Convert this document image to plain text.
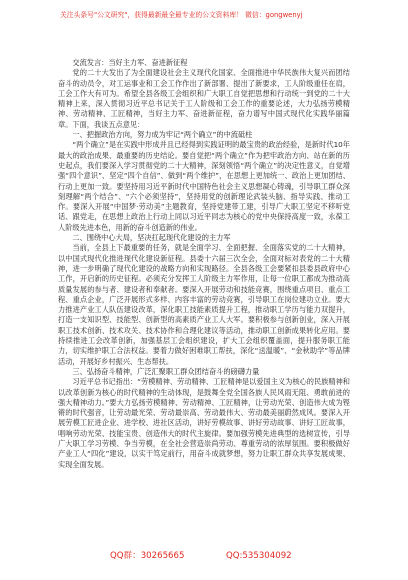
关注头条号"公文研究"，获得最新最全最专业的公文资料库！ 微信：gongwenyj

交流发言：当好主力军、奋进新征程

党的二十大发出了为全面建设社会主义现代化国家、全面推进中华民族伟大复兴而团结奋斗的动员令，对工运事业和工会工作作出了新部署、提出了新要求，工人阶级重任在肩，工会工作大有可为。希望全县各级工会组织和广大职工自觉把思想和行动统一到党的二十大精神上来，深入贯彻习近平总书记关于工人阶级和工会工作的重要论述，大力弘扬劳模精神、劳动精神、工匠精神，当好主力军、奋进新征程，奋力谱写中国式现代化实践华丽篇章。下面，我谈五点意见：

一、把握政治方向，努力成为牢记“两个确立”的中流砥柱

“两个确立”是在实践中形成并且已经得到实践证明的最宝贵的政治经验，是新时代10年最大的政治成果、最重要的历史结论。要自觉把“两个确立”作为把牢政治方向、站在新的历史起点，我们要深入学习贯彻党的二十大精神，深刻领悟“两个确立”的决定性意义，自觉增强“四个意识”、坚定“四个自信”、做到“两个维护”，在思想上更加统一、政治上更加团结、行动上更加一致。要坚持用习近平新时代中国特色社会主义思想凝心铸魂，引导职工群众深刻理解“两个结合”、“六个必须坚持”，坚持用党的创新理论武装头脑、指导实践、推动工作。要深入开展“中国梦·劳动美”主题教育，坚持党建带工建，引导广大职工坚定不移听党话、跟党走，在思想上政治上行动上同以习近平同志为核心的党中央保持高度一致，永葆工人阶级先进本色，用新的奋斗创造新的伟业。

二、围绕中心大局，坚决扛起现代化建设的主力军

当前，全县上下最重要的任务，就是全面学习、全面把握、全面落实党的二十大精神，以中国式现代化推进现代化建设新征程。县委十六届三次全会，全面对标对表党的二十大精神，进一步明确了现代化建设的战略方向和实现路径。全县各级工会要紧扣县委县政府中心工作，开启新的历史征程。必须充分发挥工人阶级主力军作用，让每一位职工都成为推动高质量发展的参与者、建设者和奉献者。要深入开展劳动和技能竞赛，围绕重点项目、重点工程、重点企业，广泛开展形式多样、内容丰富的劳动竞赛，引导职工在岗位建功立业。要大力推进产业工人队伍建设改革，深化职工技能素质提升工程，推动职工学历与能力双提升，打造一支知识型、技能型、创新型的高素质产业工人大军。要积极参与创新创业，深入开展职工技术创新、技术攻关、技术协作和合理化建议等活动，推动职工创新成果转化应用。要持续推进工会改革创新，加强基层工会组织建设，扩大工会组织覆盖面，提升服务职工能力，切实维护职工合法权益。要着力做好困难职工帮扶，深化“送温暖”、“金秋助学”等品牌活动，开展好乡村振兴、生态帮扶。

三、弘扬奋斗精神，广泛汇聚职工群众团结奋斗的磅礴力量

习近平总书记指出：“劳模精神、劳动精神、工匠精神是以爱国主义为核心的民族精神和以改革创新为核心的时代精神的生动体现，是鼓舞全党全国各族人民风雨无阻、勇敢前进的强大精神动力。”要大力弘扬劳模精神、劳动精神、工匠精神，让劳动光荣、创造伟大成为铿锵的时代强音，让劳动最光荣、劳动最崇高、劳动最伟大、劳动最美丽蔚然成风。要深入开展劳模工匠进企业、进学校、进社区活动，讲好劳模故事、讲好劳动故事、讲好工匠故事，唱响劳动光荣、技能宝贵、创造伟大的时代主旋律。要加强劳模先进典型的选树宣传，引导广大职工学习劳模、争当劳模，在全社会营造崇尚劳动、尊重劳动的浓厚氛围。要积极做好产业工人“四化”建设，以实干笃定前行，用奋斗成就梦想，努力让职工群众共享发展成果、实现全面发展。

QQ群：30265665	QQ:535304092
